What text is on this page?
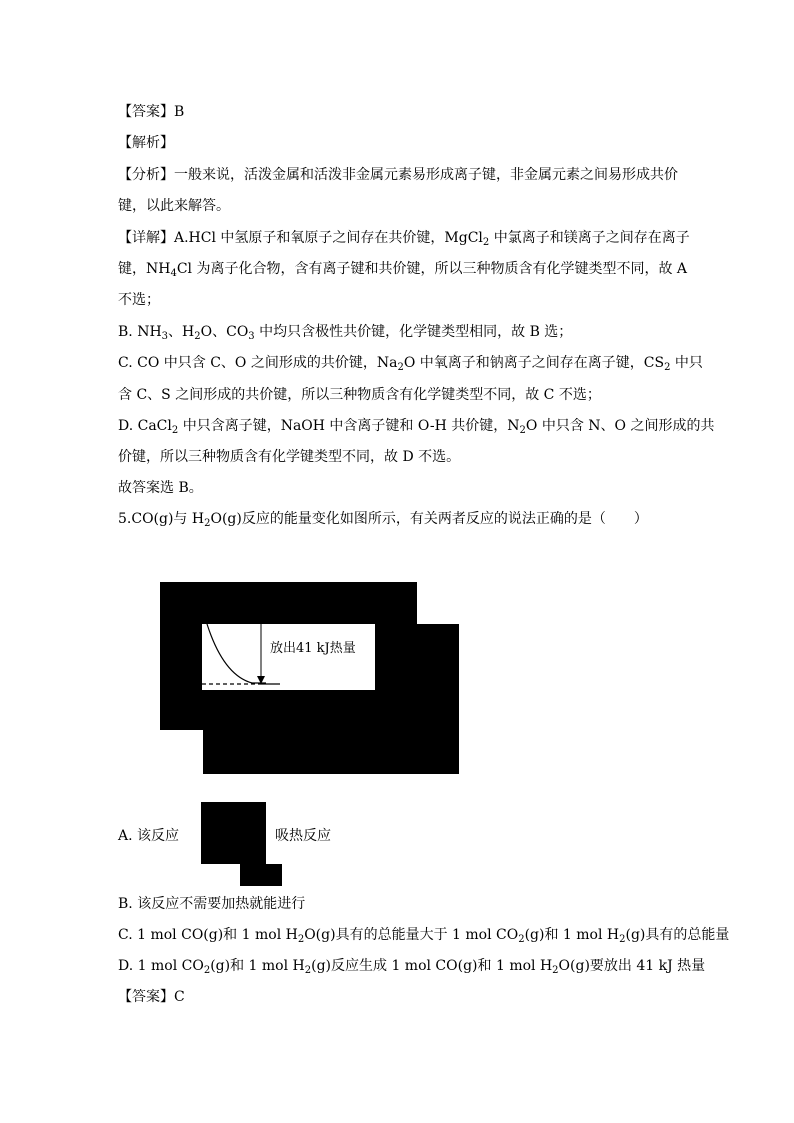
【答案】B
【解析】
【分析】一般来说，活泼金属和活泼非金属元素易形成离子键，非金属元素之间易形成共价
键，以此来解答。
【详解】A.HCl 中氢原子和氧原子之间存在共价键，MgCl$_2$ 中氯离子和镁离子之间存在离子
键，$NH_4Cl$ 为离子化合物，含有离子键和共价键，所以三种物质含有化学键类型不同，故 A
不选；
B. $NH_3$、$H_2O$、$CO_3$ 中均只含极性共价键，化学键类型相同，故 B 选；
C. CO 中只含 C、O 之间形成的共价键，$Na_2O$ 中氧离子和钠离子之间存在离子键，$CS_2$ 中只
含 C、S 之间形成的共价键，所以三种物质含有化学键类型不同，故 C 不选；
D. CaCl$_2$ 中只含离子键，NaOH 中含离子键和 O-H 共价键，$N_2O$ 中只含 N、O 之间形成的共
价键，所以三种物质含有化学键类型不同，故 D 不选。
故答案选 B。
5.CO(g)与 $H_2O(g)$反应的能量变化如图所示，有关两者反应的说法正确的是（　　）
放出41 kJ热量
A. 该反应	吸热反应
B. 该反应不需要加热就能进行
C. 1 mol CO(g)和 1 mol $H_2O(g)$具有的总能量大于 1 mol $CO_2(g)$和 1 mol $H_2(g)$具有的总能量
D. 1 mol $CO_2(g)$和 1 mol $H_2(g)$反应生成 1 mol CO(g)和 1 mol $H_2O(g)$要放出 41 kJ 热量
【答案】C
